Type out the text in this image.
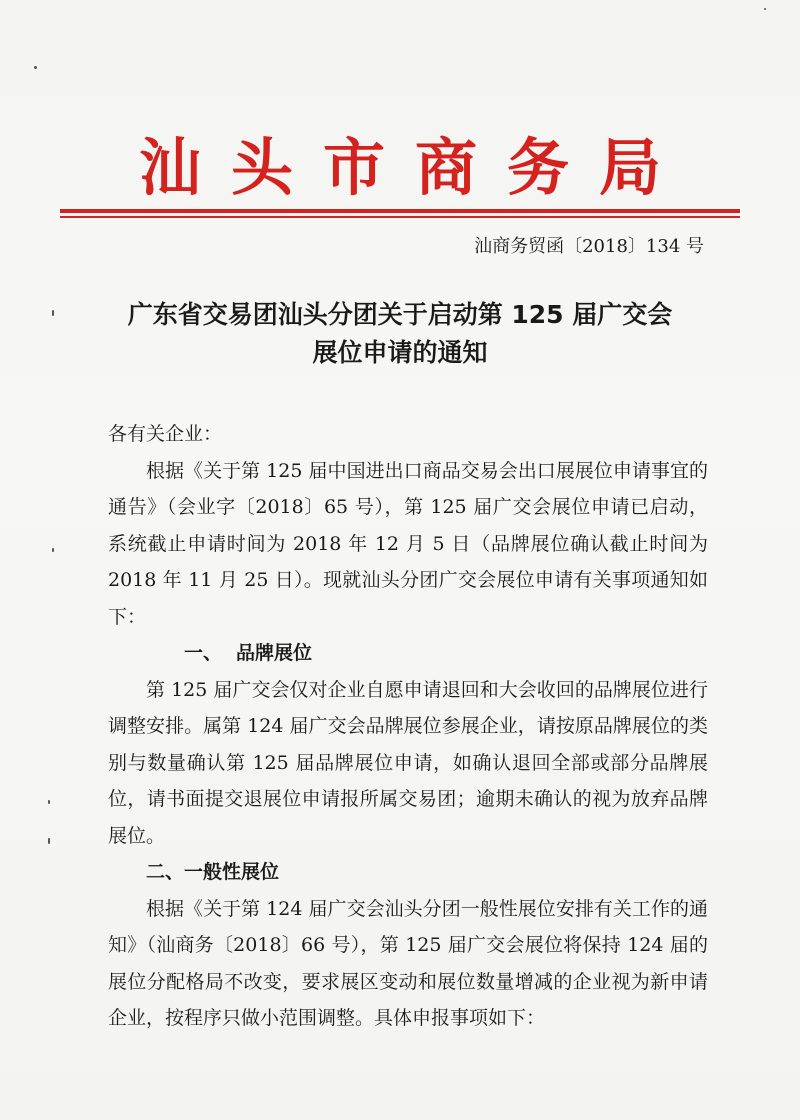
汕头市商务局
汕商务贸函〔2018〕134 号
广东省交易团汕头分团关于启动第 125 届广交会
展位申请的通知

各有关企业：

根据《关于第 125 届中国进出口商品交易会出口展展位申请事宜的通告》（会业字〔2018〕65 号），第 125 届广交会展位申请已启动，系统截止申请时间为 2018 年 12 月 5 日（品牌展位确认截止时间为 2018 年 11 月 25 日）。现就汕头分团广交会展位申请有关事项通知如下：

一、 品牌展位

第 125 届广交会仅对企业自愿申请退回和大会收回的品牌展位进行调整安排。属第 124 届广交会品牌展位参展企业，请按原品牌展位的类别与数量确认第 125 届品牌展位申请，如确认退回全部或部分品牌展位，请书面提交退展位申请报所属交易团；逾期未确认的视为放弃品牌展位。

二、一般性展位

根据《关于第 124 届广交会汕头分团一般性展位安排有关工作的通知》（汕商务〔2018〕66 号），第 125 届广交会展位将保持 124 届的展位分配格局不改变，要求展区变动和展位数量增减的企业视为新申请企业，按程序只做小范围调整。具体申报事项如下：
